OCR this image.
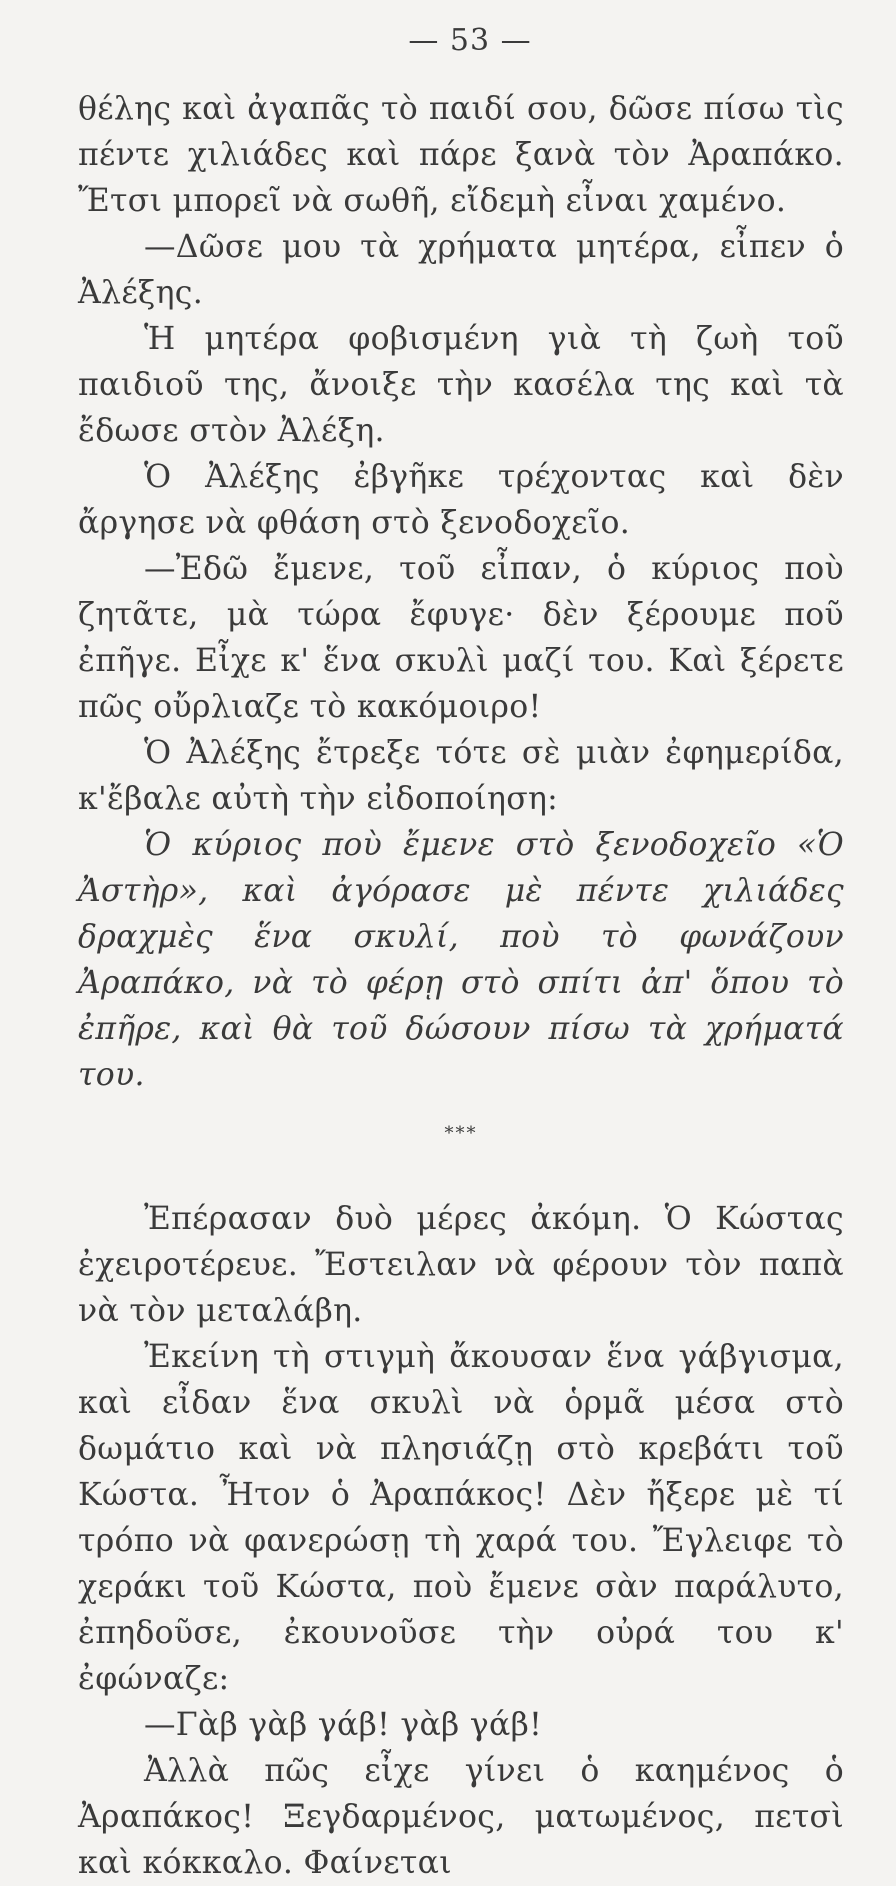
— 53 —

θέλης καὶ ἀγαπᾶς τὸ παιδί σου, δῶσε πίσω τὶς πέντε χιλιάδες καὶ πάρε ξανὰ τὸν Ἀραπάκο. Ἔτσι μπορεῖ νὰ σωθῆ, εἴδεμὴ εἶναι χαμένο.

—Δῶσε μου τὰ χρήματα μητέρα, εἶπεν ὁ Ἀλέξης.

Ἡ μητέρα φοβισμένη γιὰ τὴ ζωὴ τοῦ παιδιοῦ της, ἄνοιξε τὴν κασέλα της καὶ τὰ ἔδωσε στὸν Ἀλέξη.

Ὁ Ἀλέξης ἐβγῆκε τρέχοντας καὶ δὲν ἄργησε νὰ φθάση στὸ ξενοδοχεῖο.

—Ἐδῶ ἔμενε, τοῦ εἶπαν, ὁ κύριος ποὺ ζητᾶτε, μὰ τώρα ἔφυγε· δὲν ξέρουμε ποῦ ἐπῆγε. Εἶχε κ' ἕνα σκυλὶ μαζί του. Καὶ ξέρετε πῶς οὔρλιαζε τὸ κακόμοιρο!

Ὁ Ἀλέξης ἔτρεξε τότε σὲ μιὰν ἐφημερίδα, κ'ἔβαλε αὐτὴ τὴν εἰδοποίηση:

Ὁ κύριος ποὺ ἔμενε στὸ ξενοδοχεῖο «Ὁ Ἀστὴρ», καὶ ἀγόρασε μὲ πέντε χιλιάδες δραχμὲς ἕνα σκυλί, ποὺ τὸ φωνάζουν Ἀραπάκο, νὰ τὸ φέρῃ στὸ σπίτι ἀπ' ὅπου τὸ ἐπῆρε, καὶ θὰ τοῦ δώσουν πίσω τὰ χρήματά του.

***

Ἐπέρασαν δυὸ μέρες ἀκόμη. Ὁ Κώστας ἐχειροτέρευε. Ἔστειλαν νὰ φέρουν τὸν παπὰ νὰ τὸν μεταλάβη.

Ἐκείνη τὴ στιγμὴ ἄκουσαν ἕνα γάβγισμα, καὶ εἶδαν ἕνα σκυλὶ νὰ ὁρμᾶ μέσα στὸ δωμάτιο καὶ νὰ πλησιάζῃ στὸ κρεβάτι τοῦ Κώστα. Ἦτον ὁ Ἀραπάκος! Δὲν ἤξερε μὲ τί τρόπο νὰ φανερώσῃ τὴ χαρά του. Ἔγλειφε τὸ χεράκι τοῦ Κώστα, ποὺ ἔμενε σὰν παράλυτο, ἐπηδοῦσε, ἐκουνοῦσε τὴν οὐρά του κ' ἐφώναζε:

—Γὰβ γὰβ γάβ! γὰβ γάβ!

Ἀλλὰ πῶς εἶχε γίνει ὁ καημένος ὁ Ἀραπάκος! Ξεγδαρμένος, ματωμένος, πετσὶ καὶ κόκκαλο. Φαίνεται
